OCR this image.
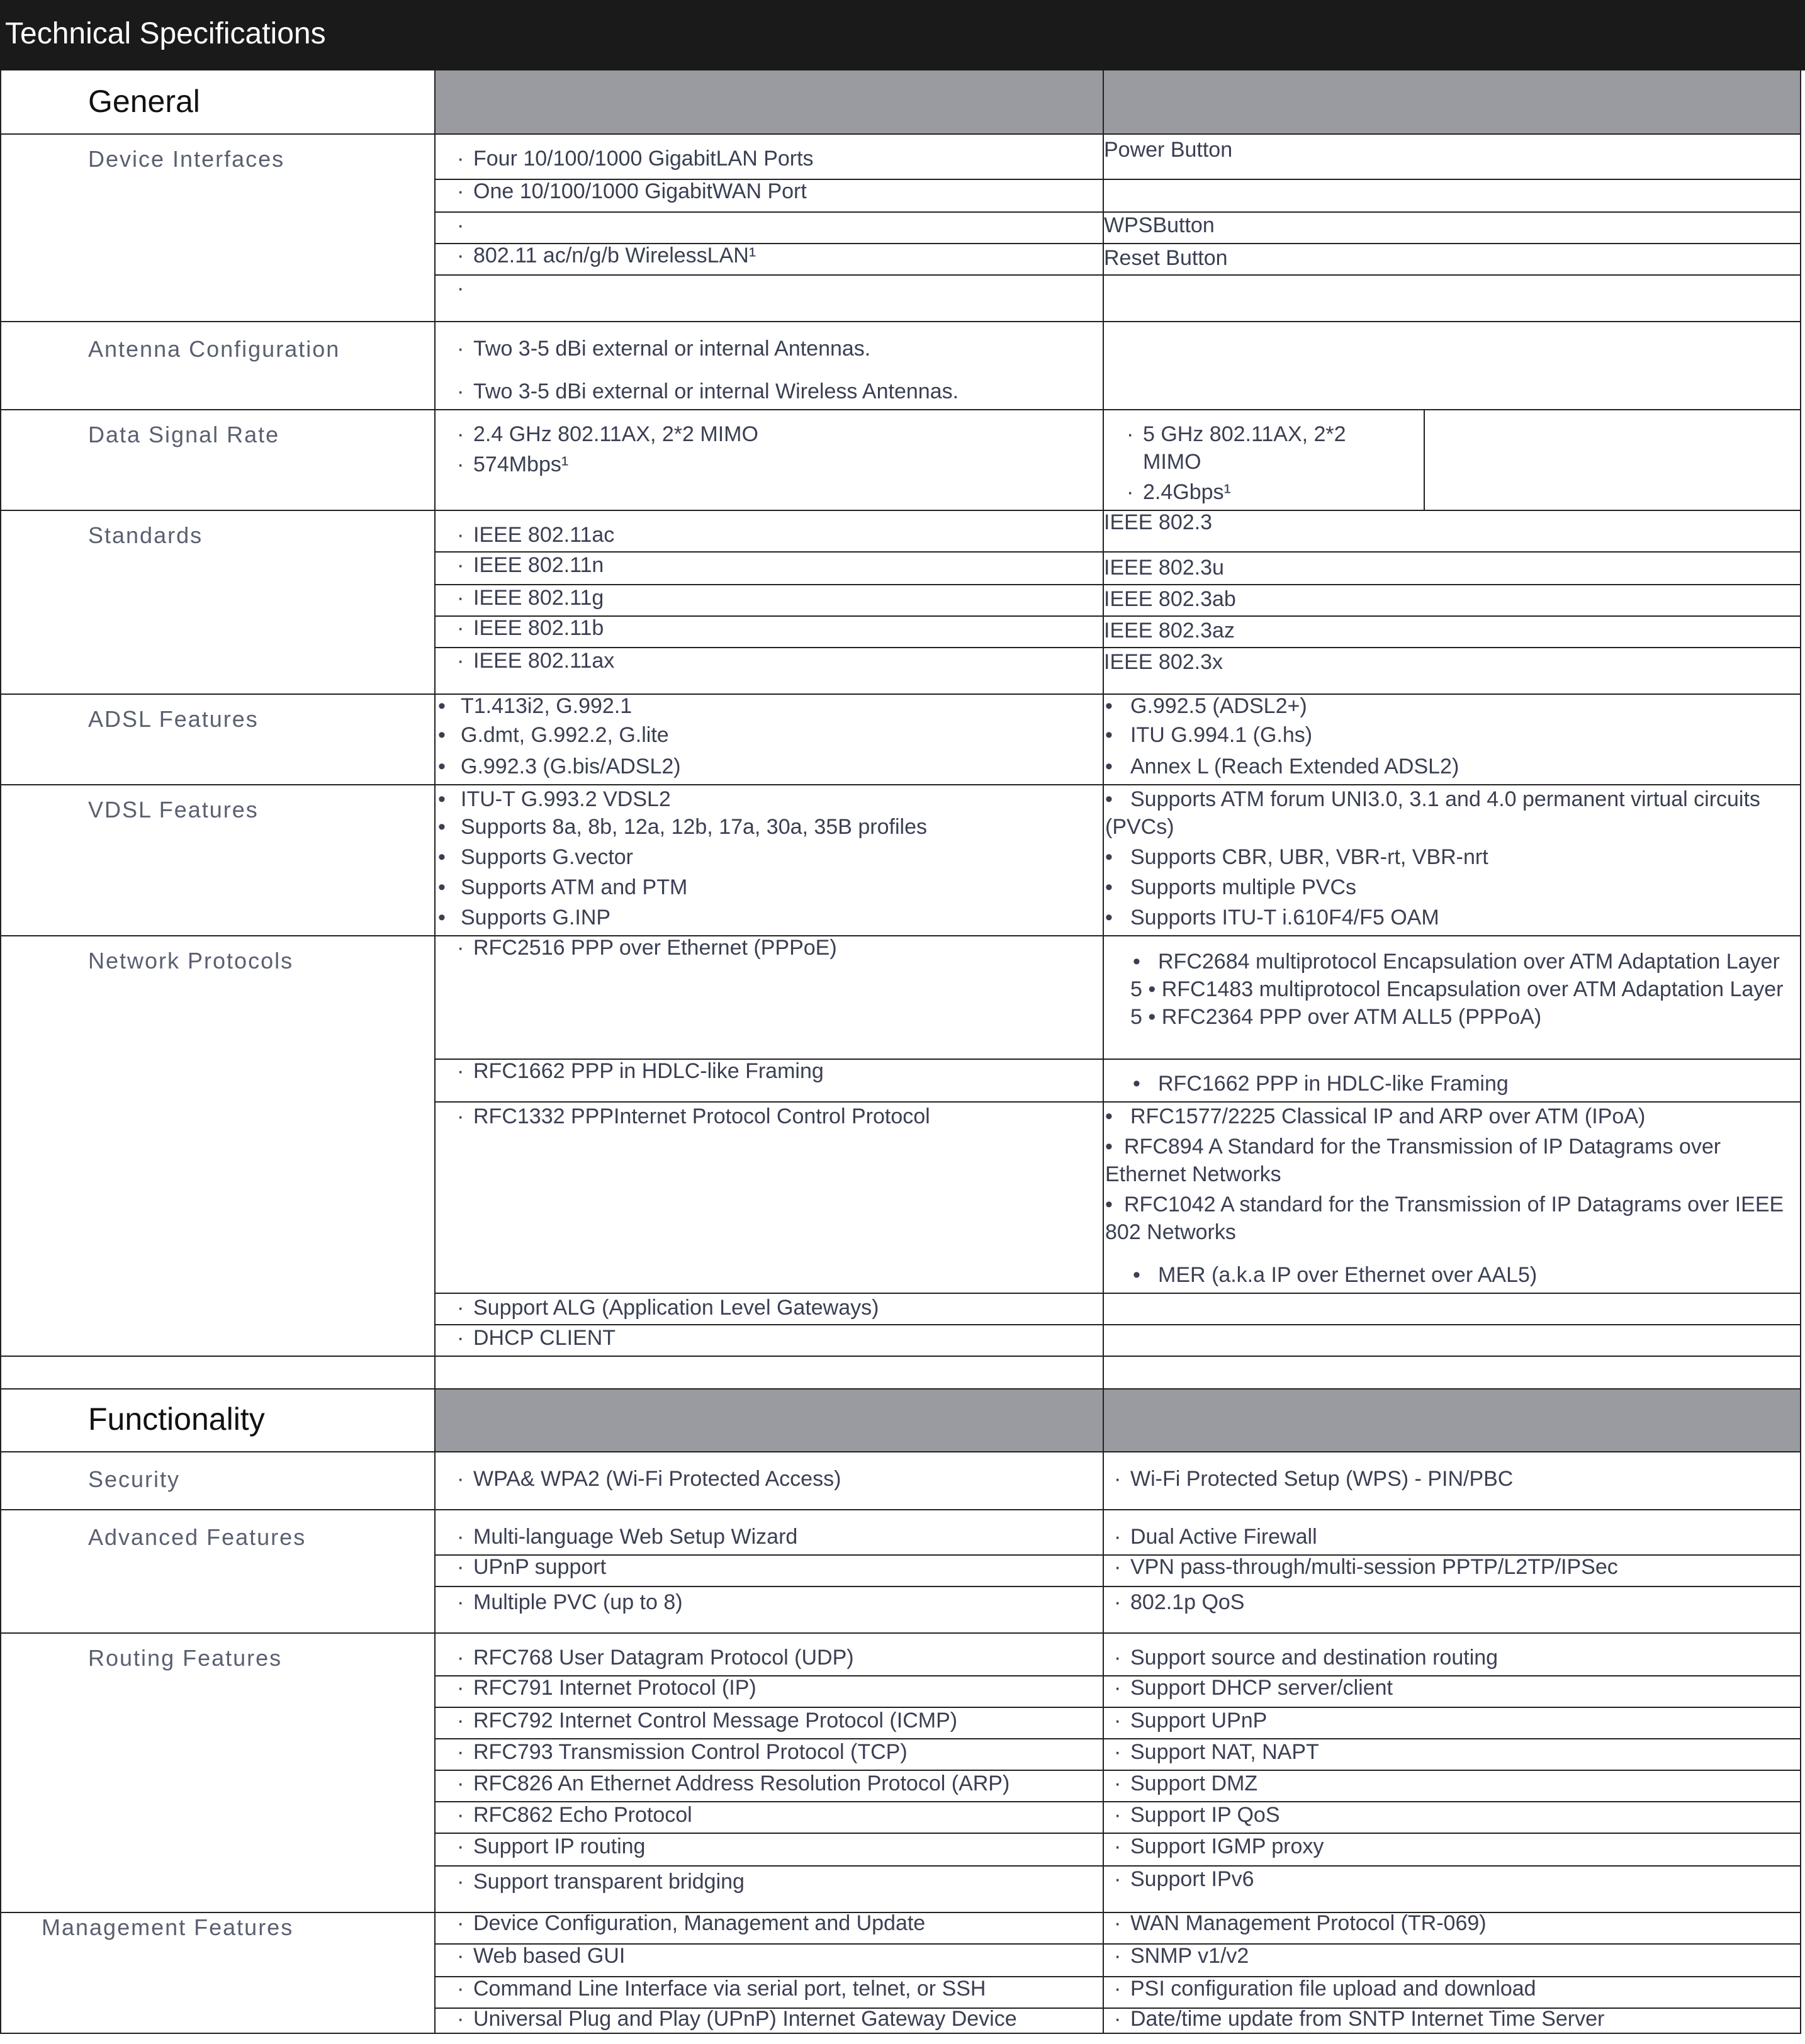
Technical Specifications
General
Functionality
Device Interfaces
Antenna Configuration
Data Signal Rate
Standards
ADSL Features
VDSL Features
Network Protocols
Security
Advanced Features
Routing Features
Management Features
· Four 10/100/1000 GigabitLAN Ports
· One 10/100/1000 GigabitWAN Port
·
· 802.11 ac/n/g/b WirelessLAN¹
·
Power Button
WPSButton
Reset Button
· Two 3-5 dBi external or internal Antennas.
· Two 3-5 dBi external or internal Wireless Antennas.
· 2.4 GHz 802.11AX, 2*2 MIMO
· 574Mbps¹
· 5 GHz 802.11AX, 2*2 MIMO
· 2.4Gbps¹
· IEEE 802.11ac
· IEEE 802.11n
· IEEE 802.11g
· IEEE 802.11b
· IEEE 802.11ax
IEEE 802.3
IEEE 802.3u
IEEE 802.3ab
IEEE 802.3az
IEEE 802.3x
• T1.413i2, G.992.1
• G.dmt, G.992.2, G.lite
• G.992.3 (G.bis/ADSL2)
• G.992.5 (ADSL2+)
• ITU G.994.1 (G.hs)
• Annex L (Reach Extended ADSL2)
• ITU-T G.993.2 VDSL2
• Supports 8a, 8b, 12a, 12b, 17a, 30a, 35B profiles
• Supports G.vector
• Supports ATM and PTM
• Supports G.INP
• Supports ATM forum UNI3.0, 3.1 and 4.0 permanent virtual circuits (PVCs)
• Supports CBR, UBR, VBR-rt, VBR-nrt
• Supports multiple PVCs
• Supports ITU-T i.610F4/F5 OAM
· RFC2516 PPP over Ethernet (PPPoE)
· RFC1662 PPP in HDLC-like Framing
· RFC1332 PPPInternet Protocol Control Protocol
· Support ALG (Application Level Gateways)
· DHCP CLIENT
• RFC2684 multiprotocol Encapsulation over ATM Adaptation Layer 5 • RFC1483 multiprotocol Encapsulation over ATM Adaptation Layer 5 • RFC2364 PPP over ATM ALL5 (PPPoA)
• RFC1662 PPP in HDLC-like Framing
• RFC1577/2225 Classical IP and ARP over ATM (IPoA)
• RFC894 A Standard for the Transmission of IP Datagrams over Ethernet Networks
• RFC1042 A standard for the Transmission of IP Datagrams over IEEE 802 Networks
• MER (a.k.a IP over Ethernet over AAL5)
· WPA& WPA2 (Wi-Fi Protected Access)	· Wi-Fi Protected Setup (WPS) - PIN/PBC
· Multi-language Web Setup Wizard
· UPnP support
· Multiple PVC (up to 8)
· Dual Active Firewall
· VPN pass-through/multi-session PPTP/L2TP/IPSec
· 802.1p QoS
· RFC768 User Datagram Protocol (UDP)
· RFC791 Internet Protocol (IP)
· RFC792 Internet Control Message Protocol (ICMP)
· RFC793 Transmission Control Protocol (TCP)
· RFC826 An Ethernet Address Resolution Protocol (ARP)
· RFC862 Echo Protocol
· Support IP routing
· Support transparent bridging
· Support source and destination routing
· Support DHCP server/client
· Support UPnP
· Support NAT, NAPT
· Support DMZ
· Support IP QoS
· Support IGMP proxy
· Support IPv6
· Device Configuration, Management and Update
· Web based GUI
· Command Line Interface via serial port, telnet, or SSH
· Universal Plug and Play (UPnP) Internet Gateway Device
· WAN Management Protocol (TR-069)
· SNMP v1/v2
· PSI configuration file upload and download
· Date/time update from SNTP Internet Time Server
